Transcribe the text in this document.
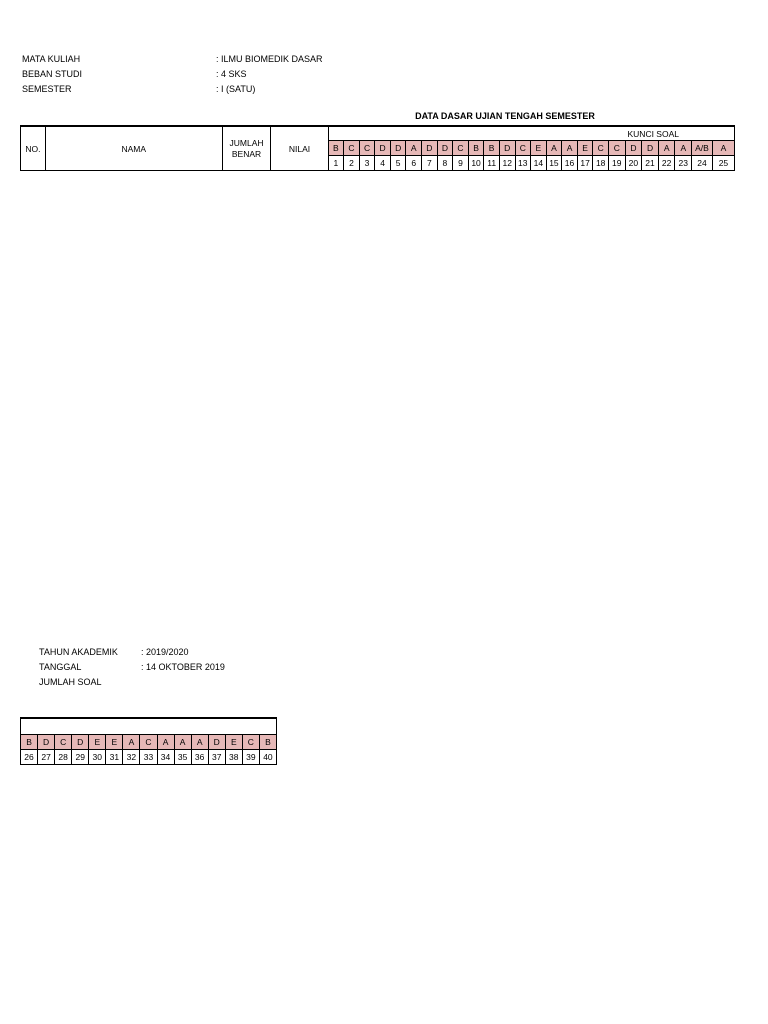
MATA KULIAH	: ILMU BIOMEDIK DASAR
BEBAN STUDI	: 4 SKS
SEMESTER	: I (SATU)
DATA DASAR UJIAN TENGAH SEMESTER
NO.	NAMA	JUMLAH BENAR	NILAI	KUNCI SOAL																								
				B	C	C	D	D	A	D	D	C	B	B	D	C	E	A	A	E	C	C	D	D	A	A	A/B	A
				1	2	3	4	5	6	7	8	9	10	11	12	13	14	15	16	17	18	19	20	21	22	23	24	25
TAHUN AKADEMIK	: 2019/2020
TANGGAL	: 14 OKTOBER 2019
JUMLAH SOAL

B	D	C	D	E	E	A	C	A	A	A	D	E	C	B
26	27	28	29	30	31	32	33	34	35	36	37	38	39	40
